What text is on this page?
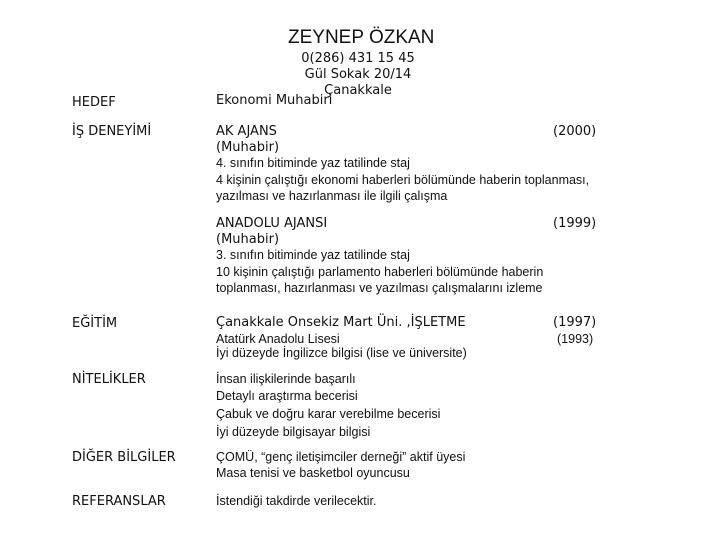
ZEYNEP ÖZKAN
0(286) 431 15 45
Gül Sokak 20/14
Çanakkale
HEDEF	Ekonomi Muhabiri
İŞ DENEYİMİ	AK AJANS	(2000)
(Muhabir)
4. sınıfın bitiminde yaz tatilinde staj
4 kişinin çalıştığı ekonomi haberleri bölümünde haberin toplanması,
yazılması ve hazırlanması ile ilgili çalışma
ANADOLU AJANSI	(1999)
(Muhabir)
3. sınıfın bitiminde yaz tatilinde staj
10 kişinin çalıştığı parlamento haberleri bölümünde haberin
toplanması, hazırlanması ve yazılması çalışmalarını izleme
EĞİTİM	Çanakkale Onsekiz Mart Üni. ,İŞLETME	(1997)
Atatürk Anadolu Lisesi	(1993)
İyi düzeyde İngilizce bilgisi (lise ve üniversite)
NİTELİKLER	İnsan ilişkilerinde başarılı
Detaylı araştırma becerisi
Çabuk ve doğru karar verebilme becerisi
İyi düzeyde bilgisayar bilgisi
DİĞER BİLGİLER	ÇOMÜ, “genç iletişimciler derneği” aktif üyesi
Masa tenisi ve basketbol oyuncusu
REFERANSLAR	İstendiği takdirde verilecektir.
